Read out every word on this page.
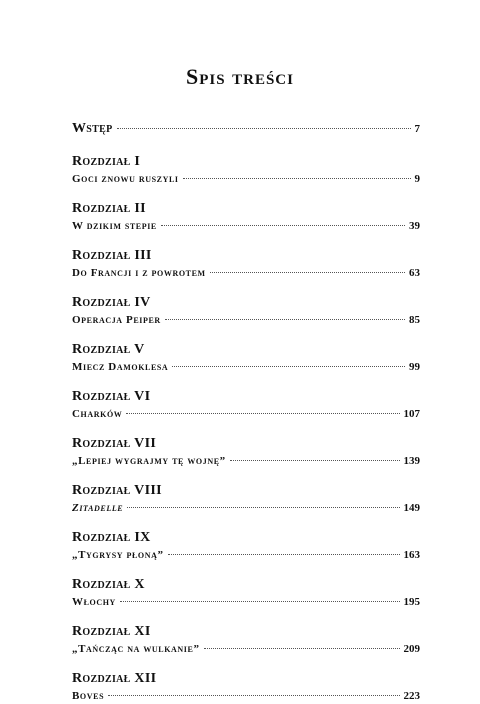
Spis treści
Wstęp	7
Rozdział I
Goci znowu ruszyli	9
Rozdział II
W dzikim stepie	39
Rozdział III
Do Francji i z powrotem	63
Rozdział IV
Operacja Peiper	85
Rozdział V
Miecz Damoklesa	99
Rozdział VI
Charków	107
Rozdział VII
„Lepiej wygrajmy tę wojnę”	139
Rozdział VIII
Zitadelle	149
Rozdział IX
„Tygrysy płoną”	163
Rozdział X
Włochy	195
Rozdział XI
„Tańcząc na wulkanie”	209
Rozdział XII
Boves	223
